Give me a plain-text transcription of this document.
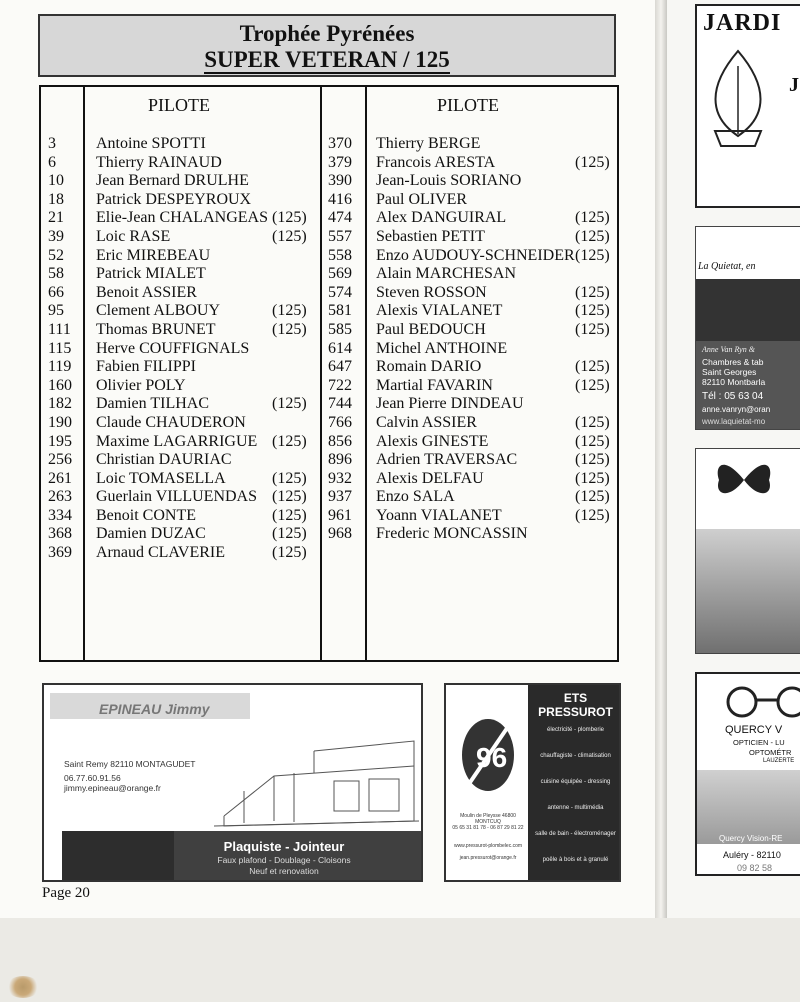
Trophée Pyrénées
SUPER VETERAN / 125
PILOTE	PILOTE
3
6
10
18
21
39
52
58
66
95
111
115
119
160
182
190
195
256
261
263
334
368
369
Antoine SPOTTI
Thierry RAINAUD
Jean Bernard DRULHE
Patrick DESPEYROUX
Elie-Jean CHALANGEAS
Loic RASE
Eric MIREBEAU
Patrick MIALET
Benoit ASSIER
Clement ALBOUY
Thomas BRUNET
Herve COUFFIGNALS
Fabien FILIPPI
Olivier POLY
Damien TILHAC
Claude CHAUDERON
Maxime LAGARRIGUE
Christian DAURIAC
Loic TOMASELLA
Guerlain VILLUENDAS
Benoit CONTE
Damien DUZAC
Arnaud CLAVERIE
(125)
(125)
(125)
(125)
(125)
(125)
(125)
(125)
(125)
(125)
(125)
370
379
390
416
474
557
558
569
574
581
585
614
647
722
744
766
856
896
932
937
961
968
Thierry BERGE
Francois ARESTA
Jean-Louis SORIANO
Paul OLIVER
Alex DANGUIRAL
Sebastien PETIT
Enzo AUDOUY-SCHNEIDER
Alain MARCHESAN
Steven ROSSON
Alexis VIALANET
Paul BEDOUCH
Michel ANTHOINE
Romain DARIO
Martial FAVARIN
Jean Pierre DINDEAU
Calvin ASSIER
Alexis GINESTE
Adrien TRAVERSAC
Alexis DELFAU
Enzo SALA
Yoann VIALANET
Frederic MONCASSIN
(125)
(125)
(125)
(125)
(125)
(125)
(125)
(125)
(125)
(125)
(125)
(125)
(125)
(125)
(125)
EPINEAU Jimmy
Saint Remy 82110 MONTAGUDET
06.77.60.91.56
jimmy.epineau@orange.fr
Plaquiste - Jointeur
Faux plafond - Doublage - Cloisons
Neuf et renovation
96
Moulin de Pleysse 46800 MONTCUQ
05 65 31 81 78 - 06 87 29 81 22
www.pressurot-plombelec.com
jean.pressurot@orange.fr
ETS PRESSUROT
électricité - plomberie
chauffagiste - climatisation
cuisine équipée - dressing
antenne - multimédia
salle de bain - électroménager
poêle à bois et à granulé
Page 20
JARDI
J
La Quietat, en
Anne Van Ryn &
Chambres & tab
Saint Georges
82110 Montbarla
Tél : 05 63 04
anne.vanryn@oran
www.laquietat-mo
QUERCY V
OPTICIEN - LU
OPTOMÉTR
LAUZERTE
Quercy Vision-RE
Auléry - 82110
09 82 58
